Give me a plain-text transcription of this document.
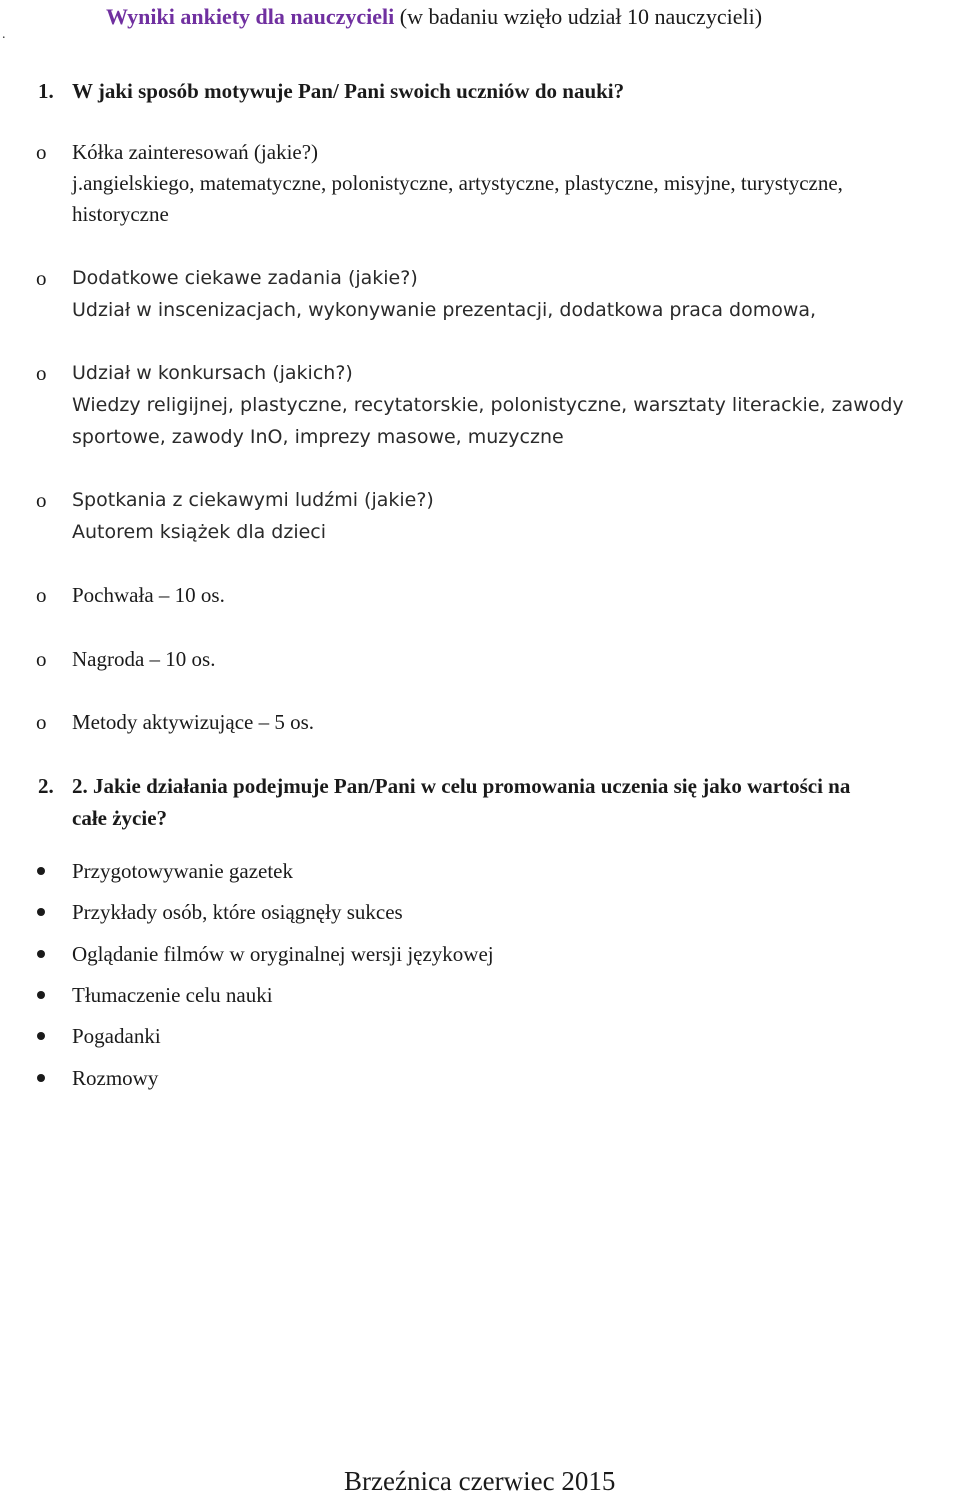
.
Wyniki ankiety dla nauczycieli (w badaniu wzięło udział 10 nauczycieli)
1. W jaki sposób motywuje Pan/ Pani swoich uczniów do nauki?
o Kółka zainteresowań (jakie?)
j.angielskiego, matematyczne, polonistyczne, artystyczne, plastyczne, misyjne, turystyczne,
historyczne
o Dodatkowe ciekawe zadania (jakie?)
Udział w inscenizacjach, wykonywanie prezentacji, dodatkowa praca domowa,
o Udział w konkursach (jakich?)
Wiedzy religijnej, plastyczne, recytatorskie, polonistyczne, warsztaty literackie, zawody
sportowe, zawody InO, imprezy masowe, muzyczne
o Spotkania z ciekawymi ludźmi (jakie?)
Autorem książek dla dzieci
o Pochwała – 10 os.
o Nagroda – 10 os.
o Metody aktywizujące – 5 os.
2. 2. Jakie działania podejmuje Pan/Pani w celu promowania uczenia się jako wartości na
całe życie?
Przygotowywanie gazetek
Przykłady osób, które osiągnęły sukces
Oglądanie filmów w oryginalnej wersji językowej
Tłumaczenie celu nauki
Pogadanki
Rozmowy
Brzeźnica czerwiec 2015
